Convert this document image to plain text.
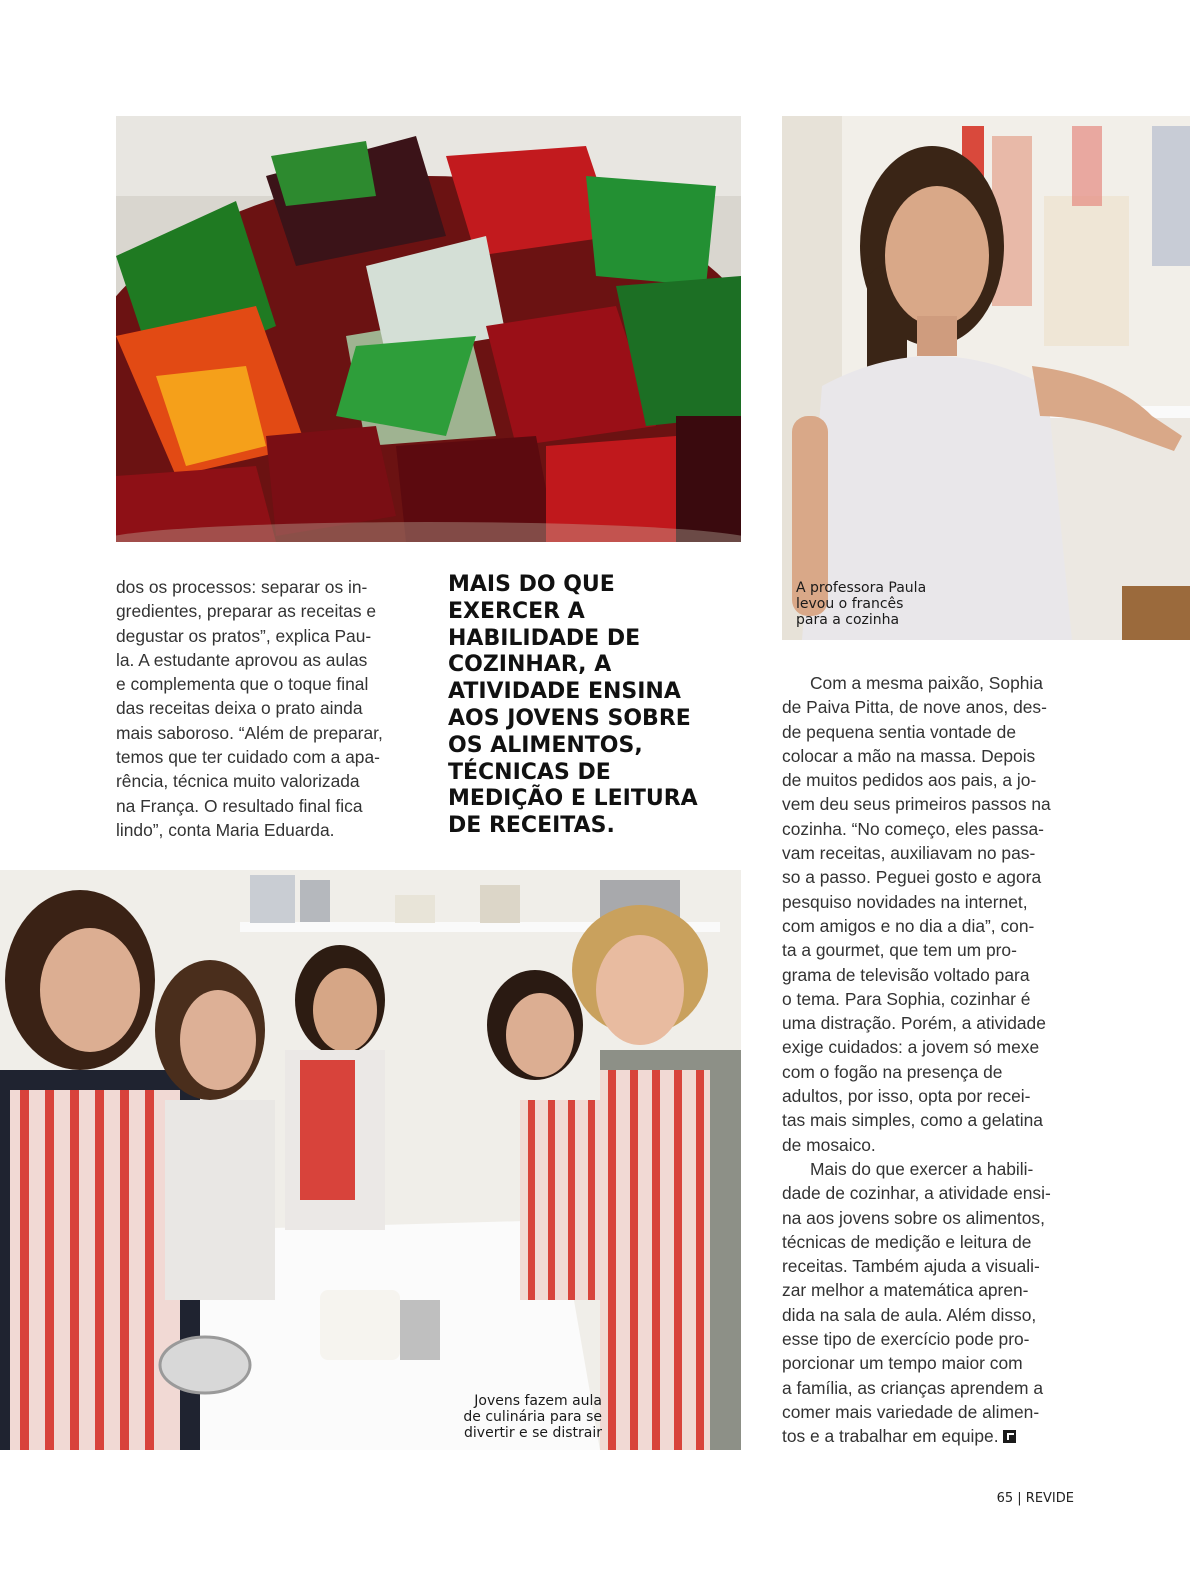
dos os processos: separar os in-

gredientes, preparar as receitas e

degustar os pratos”, explica Pau-

la. A estudante aprovou as aulas

e complementa que o toque final

das receitas deixa o prato ainda

mais saboroso. “Além de preparar,

temos que ter cuidado com a apa-

rência, técnica muito valorizada

na França. O resultado final fica

lindo”, conta Maria Eduarda.

MAIS DO QUE EXERCER A HABILIDADE DE COZINHAR, A ATIVIDADE ENSINA AOS JOVENS SOBRE OS ALIMENTOS, TÉCNICAS DE MEDIÇÃO E LEITURA DE RECEITAS.
A professora Paula
levou o francês
para a cozinha
Jovens fazem aula
de culinária para se
divertir e se distrair

Com a mesma paixão, Sophia

de Paiva Pitta, de nove anos, des-

de pequena sentia vontade de

colocar a mão na massa. Depois

de muitos pedidos aos pais, a jo-

vem deu seus primeiros passos na

cozinha. “No começo, eles passa-

vam receitas, auxiliavam no pas-

so a passo. Peguei gosto e agora

pesquiso novidades na internet,

com amigos e no dia a dia”, con-

ta a gourmet, que tem um pro-

grama de televisão voltado para

o tema. Para Sophia, cozinhar é

uma distração. Porém, a atividade

exige cuidados: a jovem só mexe

com o fogão na presença de

adultos, por isso, opta por recei-

tas mais simples, como a gelatina

de mosaico.

Mais do que exercer a habili-

dade de cozinhar, a atividade ensi-

na aos jovens sobre os alimentos,

técnicas de medição e leitura de

receitas. Também ajuda a visuali-

zar melhor a matemática apren-

dida na sala de aula. Além disso,

esse tipo de exercício pode pro-

porcionar um tempo maior com

a família, as crianças aprendem a

comer mais variedade de alimen-

tos e a trabalhar em equipe.

65 | REVIDE
